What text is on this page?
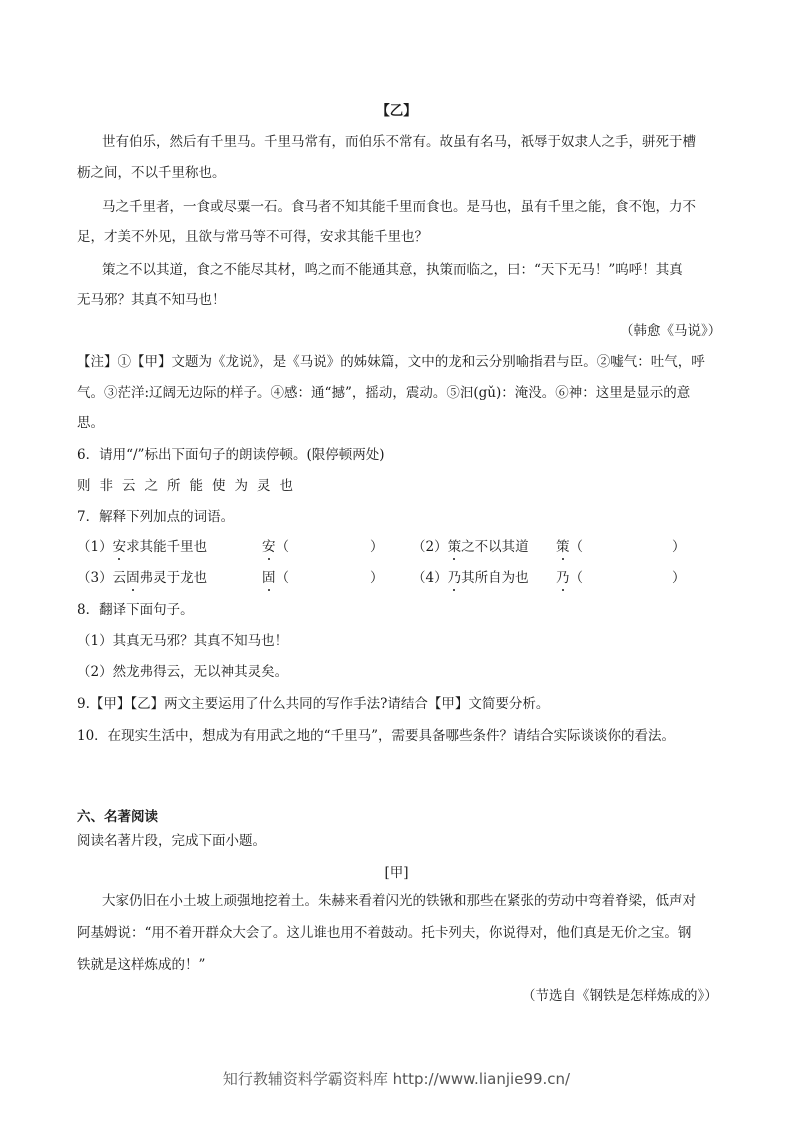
【乙】
世有伯乐，然后有千里马。千里马常有，而伯乐不常有。故虽有名马，祇辱于奴隶人之手，骈死于槽
枥之间，不以千里称也。
马之千里者，一食或尽粟一石。食马者不知其能千里而食也。是马也，虽有千里之能，食不饱，力不
足，才美不外见，且欲与常马等不可得，安求其能千里也？
策之不以其道，食之不能尽其材，鸣之而不能通其意，执策而临之，曰：“天下无马！”呜呼！其真
无马邪？其真不知马也！
（韩愈《马说》）
【注】①【甲】文题为《龙说》，是《马说》的姊妹篇，文中的龙和云分别喻指君与臣。②嘘气：吐气，呼
气。③茫洋:辽阔无边际的样子。④感：通“撼”，摇动，震动。⑤汩(gǔ)：淹没。⑥神：这里是显示的意
思。
6．请用“/”标出下面句子的朗读停顿。(限停顿两处)
则非云之所能使为灵也
7．解释下列加点的词语。
（1）安求其能千里也	安（	） （2）策之不以其道 策（	）
（3）云固弗灵于龙也	固（	） （4）乃其所自为也 乃（	）
8．翻译下面句子。
（1）其真无马邪？其真不知马也！
（2）然龙弗得云，无以神其灵矣。
9.【甲】【乙】两文主要运用了什么共同的写作手法?请结合【甲】文简要分析。
10．在现实生活中，想成为有用武之地的“千里马”，需要具备哪些条件？请结合实际谈谈你的看法。
六、名著阅读
阅读名著片段，完成下面小题。
[甲]
大家仍旧在小土坡上顽强地挖着土。朱赫来看着闪光的铁锹和那些在紧张的劳动中弯着脊梁，低声对
阿基姆说：“用不着开群众大会了。这儿谁也用不着鼓动。托卡列夫，你说得对，他们真是无价之宝。钢
铁就是这样炼成的！”
（节选自《钢铁是怎样炼成的》）
知行教辅资料学霸资料库 http://www.lianjie99.cn/
